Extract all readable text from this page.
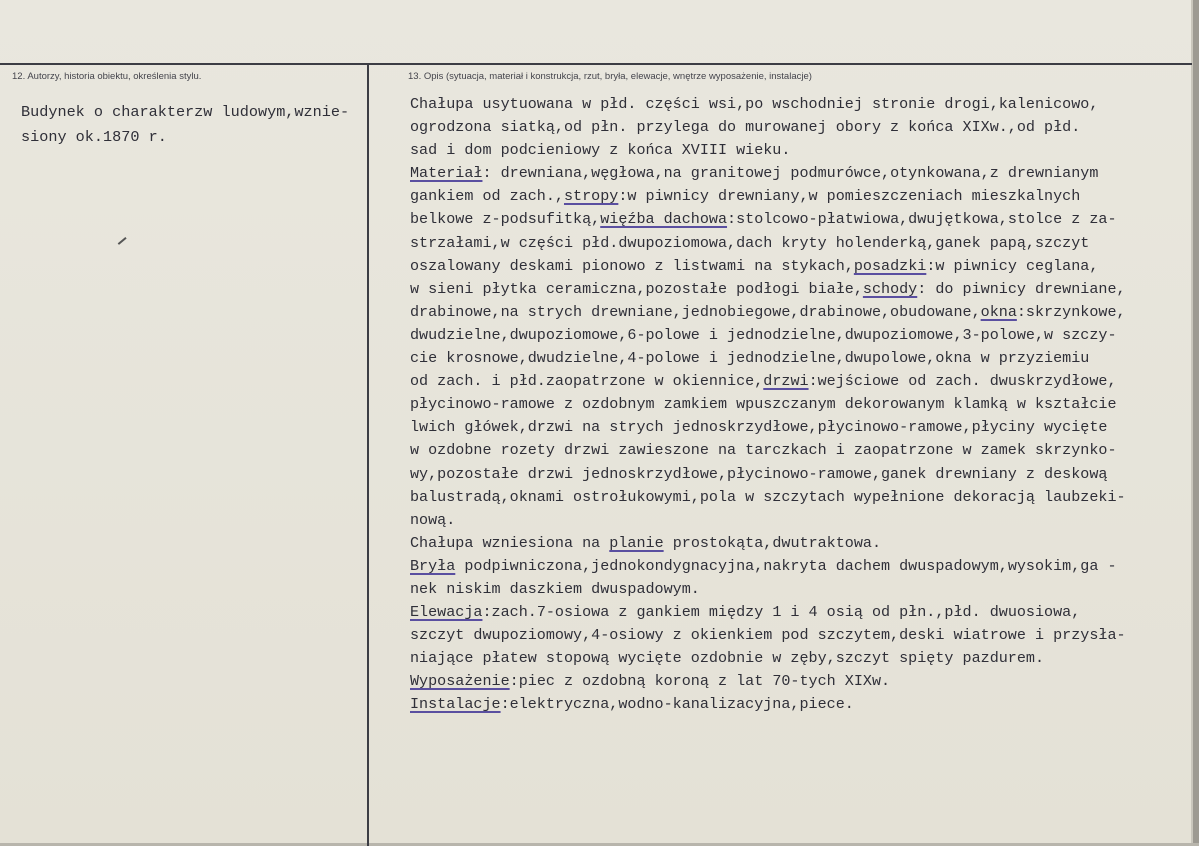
12. Autorzy, historia obiektu, określenia stylu.	13. Opis (sytuacja, materiał i konstrukcja, rzut, bryła, elewacje, wnętrze wyposażenie, instalacje)
Budynek o charakterzw ludowym,wznie-
siony ok.1870 r.
Chałupa usytuowana w płd. części wsi,po wschodniej stronie drogi,kalenicowo,
ogrodzona siatką,od płn. przylega do murowanej obory z końca XIXw.,od płd.
sad i dom podcieniowy z końca XVIII wieku.
Materiał: drewniana,węgłowa,na granitowej podmurówce,otynkowana,z drewnianym
gankiem od zach.,stropy:w piwnicy drewniany,w pomieszczeniach mieszkalnych
belkowe z-podsufitką,więźba dachowa:stolcowo-płatwiowa,dwujętkowa,stolce z za-
strzałami,w części płd.dwupoziomowa,dach kryty holenderką,ganek papą,szczyt
oszalowany deskami pionowo z listwami na stykach,posadzki:w piwnicy ceglana,
w sieni płytka ceramiczna,pozostałe podłogi białe,schody: do piwnicy drewniane,
drabinowe,na strych drewniane,jednobiegowe,drabinowe,obudowane,okna:skrzynkowe,
dwudzielne,dwupoziomowe,6-polowe i jednodzielne,dwupoziomowe,3-polowe,w szczy-
cie krosnowe,dwudzielne,4-polowe i jednodzielne,dwupolowe,okna w przyziemiu
od zach. i płd.zaopatrzone w okiennice,drzwi:wejściowe od zach. dwuskrzydłowe,
płycinowo-ramowe z ozdobnym zamkiem wpuszczanym dekorowanym klamką w kształcie
lwich główek,drzwi na strych jednoskrzydłowe,płycinowo-ramowe,płyciny wycięte
w ozdobne rozety drzwi zawieszone na tarczkach i zaopatrzone w zamek skrzynko-
wy,pozostałe drzwi jednoskrzydłowe,płycinowo-ramowe,ganek drewniany z deskową
balustradą,oknami ostrołukowymi,pola w szczytach wypełnione dekoracją laubzeki-
nową.
Chałupa wzniesiona na planie prostokąta,dwutraktowa.
Bryła podpiwniczona,jednokondygnacyjna,nakryta dachem dwuspadowym,wysokim,ga -
nek niskim daszkiem dwuspadowym.
Elewacja:zach.7-osiowa z gankiem między 1 i 4 osią od płn.,płd. dwuosiowa,
szczyt dwupoziomowy,4-osiowy z okienkiem pod szczytem,deski wiatrowe i przysła-
niające płatew stopową wycięte ozdobnie w zęby,szczyt spięty pazdurem.
Wyposażenie:piec z ozdobną koroną z lat 70-tych XIXw.
Instalacje:elektryczna,wodno-kanalizacyjna,piece.
